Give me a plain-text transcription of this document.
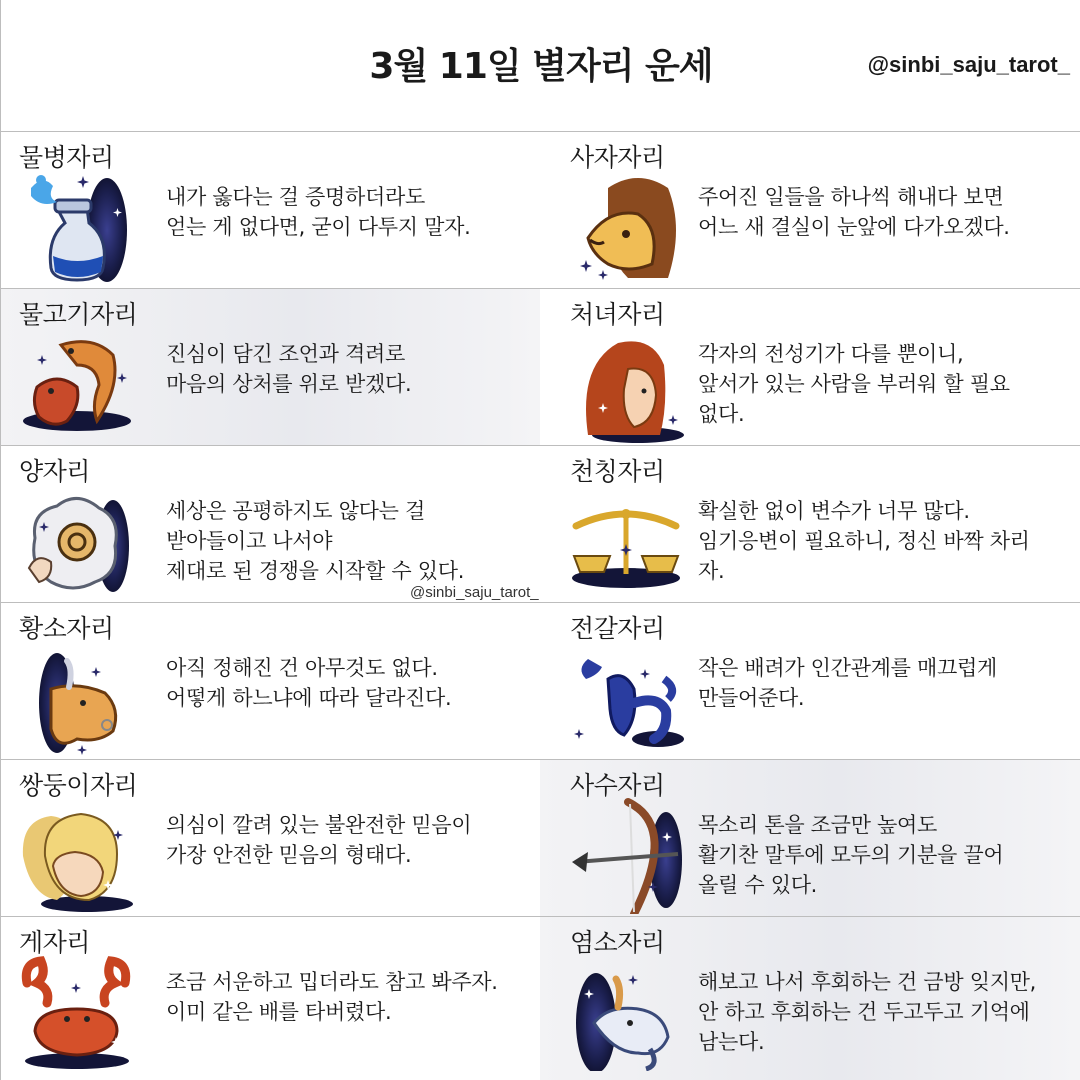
3월 11일 별자리 운세	@sinbi_saju_tarot_
물병자리
내가 옳다는 걸 증명하더라도
얻는 게 없다면, 굳이 다투지 말자.
사자자리
주어진 일들을 하나씩 해내다 보면
어느 새 결실이 눈앞에 다가오겠다.
물고기자리
진심이 담긴 조언과 격려로
마음의 상처를 위로 받겠다.
처녀자리
각자의 전성기가 다를 뿐이니,
앞서가 있는 사람을 부러워 할 필요
없다.
양자리
세상은 공평하지도 않다는 걸
받아들이고 나서야
제대로 된 경쟁을 시작할 수 있다.
천칭자리
확실한 없이 변수가 너무 많다.
임기응변이 필요하니, 정신 바짝 차리
자.
@sinbi_saju_tarot_
황소자리
아직 정해진 건 아무것도 없다.
어떻게 하느냐에 따라 달라진다.
전갈자리
작은 배려가 인간관계를 매끄럽게
만들어준다.
쌍둥이자리
의심이 깔려 있는 불완전한 믿음이
가장 안전한 믿음의 형태다.
사수자리
목소리 톤을 조금만 높여도
활기찬 말투에 모두의 기분을 끌어
올릴 수 있다.
게자리
조금 서운하고 밉더라도 참고 봐주자.
이미 같은 배를 타버렸다.
염소자리
해보고 나서 후회하는 건 금방 잊지만,
안 하고 후회하는 건 두고두고 기억에
남는다.
